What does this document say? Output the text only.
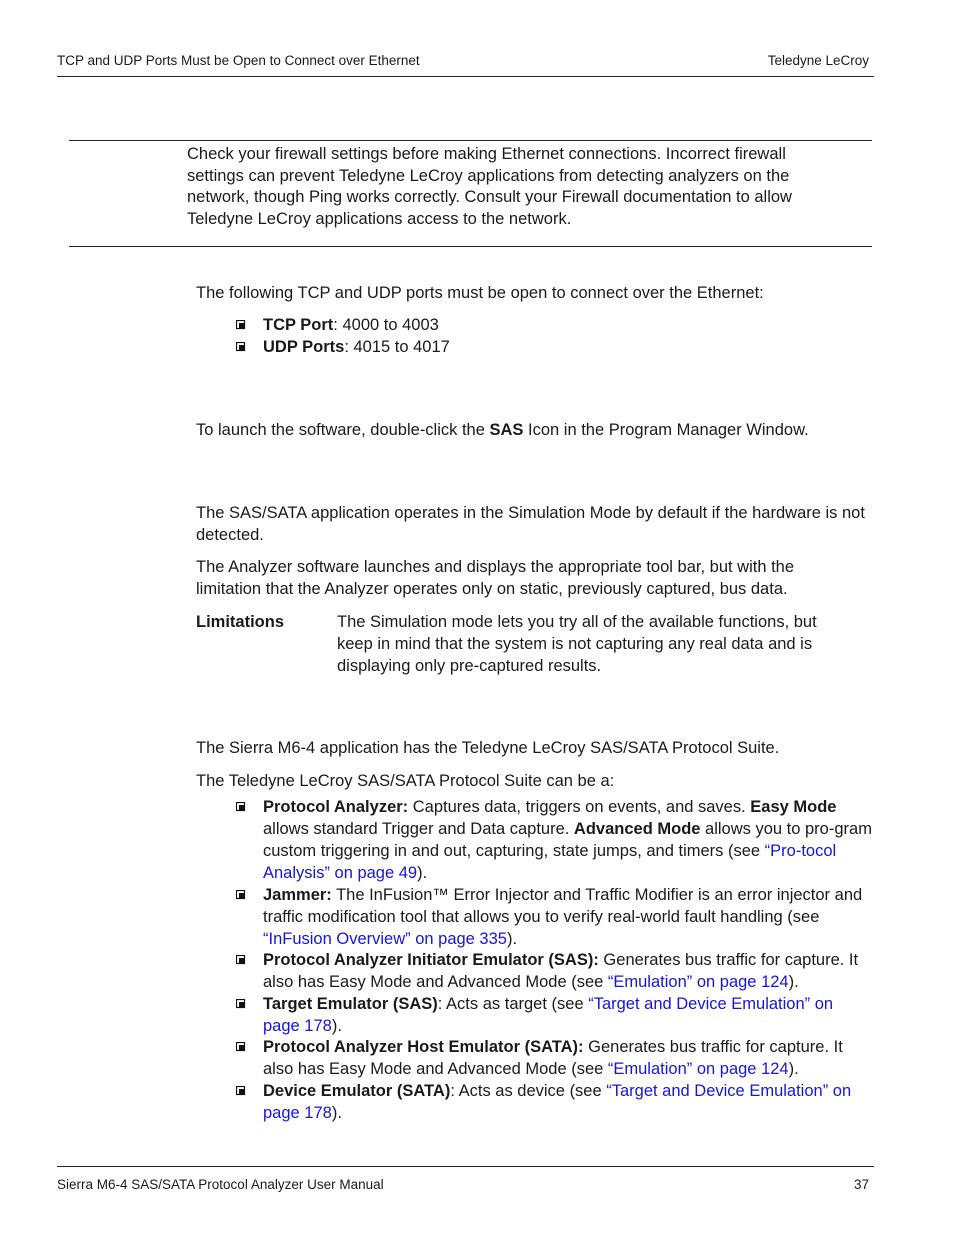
TCP and UDP Ports Must be Open to Connect over Ethernet	Teledyne LeCroy
Check your firewall settings before making Ethernet connections. Incorrect firewall settings can prevent Teledyne LeCroy applications from detecting analyzers on the network, though Ping works correctly. Consult your Firewall documentation to allow Teledyne LeCroy applications access to the network.
The following TCP and UDP ports must be open to connect over the Ethernet:
TCP Port: 4000 to 4003
UDP Ports: 4015 to 4017
To launch the software, double-click the SAS Icon in the Program Manager Window.
The SAS/SATA application operates in the Simulation Mode by default if the hardware is not detected.
The Analyzer software launches and displays the appropriate tool bar, but with the limitation that the Analyzer operates only on static, previously captured, bus data.
Limitations	The Simulation mode lets you try all of the available functions, but keep in mind that the system is not capturing any real data and is displaying only pre-captured results.
The Sierra M6-4 application has the Teledyne LeCroy SAS/SATA Protocol Suite.
The Teledyne LeCroy SAS/SATA Protocol Suite can be a:
Protocol Analyzer: Captures data, triggers on events, and saves. Easy Mode allows standard Trigger and Data capture. Advanced Mode allows you to pro-gram custom triggering in and out, capturing, state jumps, and timers (see “Pro-tocol Analysis” on page 49).
Jammer: The InFusion™ Error Injector and Traffic Modifier is an error injector and traffic modification tool that allows you to verify real-world fault handling (see “InFusion Overview” on page 335).
Protocol Analyzer Initiator Emulator (SAS): Generates bus traffic for capture. It also has Easy Mode and Advanced Mode (see “Emulation” on page 124).
Target Emulator (SAS): Acts as target (see “Target and Device Emulation” on page 178).
Protocol Analyzer Host Emulator (SATA): Generates bus traffic for capture. It also has Easy Mode and Advanced Mode (see “Emulation” on page 124).
Device Emulator (SATA): Acts as device (see “Target and Device Emulation” on page 178).
Sierra M6-4 SAS/SATA Protocol Analyzer User Manual	37
